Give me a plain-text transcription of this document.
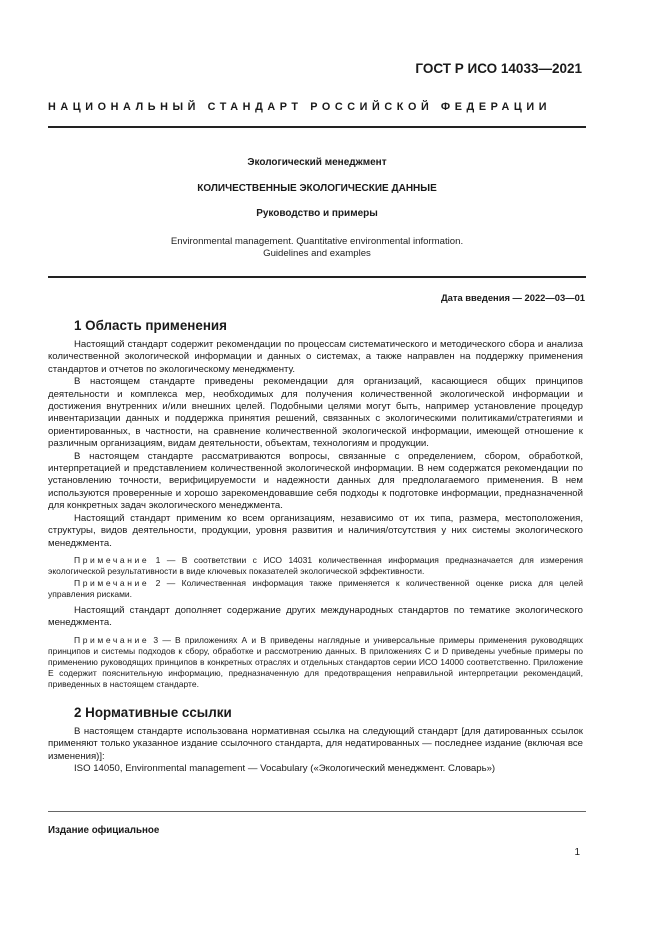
ГОСТ Р ИСО 14033—2021
НАЦИОНАЛЬНЫЙ СТАНДАРТ РОССИЙСКОЙ ФЕДЕРАЦИИ
Экологический менеджмент
КОЛИЧЕСТВЕННЫЕ ЭКОЛОГИЧЕСКИЕ ДАННЫЕ
Руководство и примеры
Environmental management. Quantitative environmental information.
Guidelines and examples
Дата введения — 2022—03—01
1 Область применения

Настоящий стандарт содержит рекомендации по процессам систематического и методического сбора и анализа количественной экологической информации и данных о системах, а также направлен на поддержку применения стандартов и отчетов по экологическому менеджменту.

В настоящем стандарте приведены рекомендации для организаций, касающиеся общих принципов деятельности и комплекса мер, необходимых для получения количественной экологической информации и достижения внутренних и/или внешних целей. Подобными целями могут быть, например установление процедур инвентаризации данных и поддержка принятия решений, связанных с экологическими политиками/стратегиями и ориентированных, в частности, на сравнение количественной экологической информации, имеющей отношение к различным организациям, видам деятельности, объектам, технологиям и продукции.

В настоящем стандарте рассматриваются вопросы, связанные с определением, сбором, обработкой, интерпретацией и представлением количественной экологической информации. В нем содержатся рекомендации по установлению точности, верифицируемости и надежности данных для предполагаемого применения. В нем используются проверенные и хорошо зарекомендовавшие себя подходы к подготовке информации, предназначенной для конкретных задач экологического менеджмента.

Настоящий стандарт применим ко всем организациям, независимо от их типа, размера, местоположения, структуры, видов деятельности, продукции, уровня развития и наличия/отсутствия у них системы экологического менеджмента.

Примечание 1 — В соответствии с ИСО 14031 количественная информация предназначается для измерения экологической результативности в виде ключевых показателей экологической эффективности.

Примечание 2 — Количественная информация также применяется к количественной оценке риска для целей управления рисками.

Настоящий стандарт дополняет содержание других международных стандартов по тематике экологического менеджмента.

Примечание 3 — В приложениях А и В приведены наглядные и универсальные примеры применения руководящих принципов и системы подходов к сбору, обработке и рассмотрению данных. В приложениях С и D приведены учебные примеры по применению руководящих принципов в конкретных отраслях и отдельных стандартов серии ИСО 14000 соответственно. Приложение Е содержит пояснительную информацию, предназначенную для предотвращения неправильной интерпретации рекомендаций, приведенных в настоящем стандарте.

2 Нормативные ссылки

В настоящем стандарте использована нормативная ссылка на следующий стандарт [для датированных ссылок применяют только указанное издание ссылочного стандарта, для недатированных — последнее издание (включая все изменения)]:

ISO 14050, Environmental management — Vocabulary («Экологический менеджмент. Словарь»)

Издание официальное
1
